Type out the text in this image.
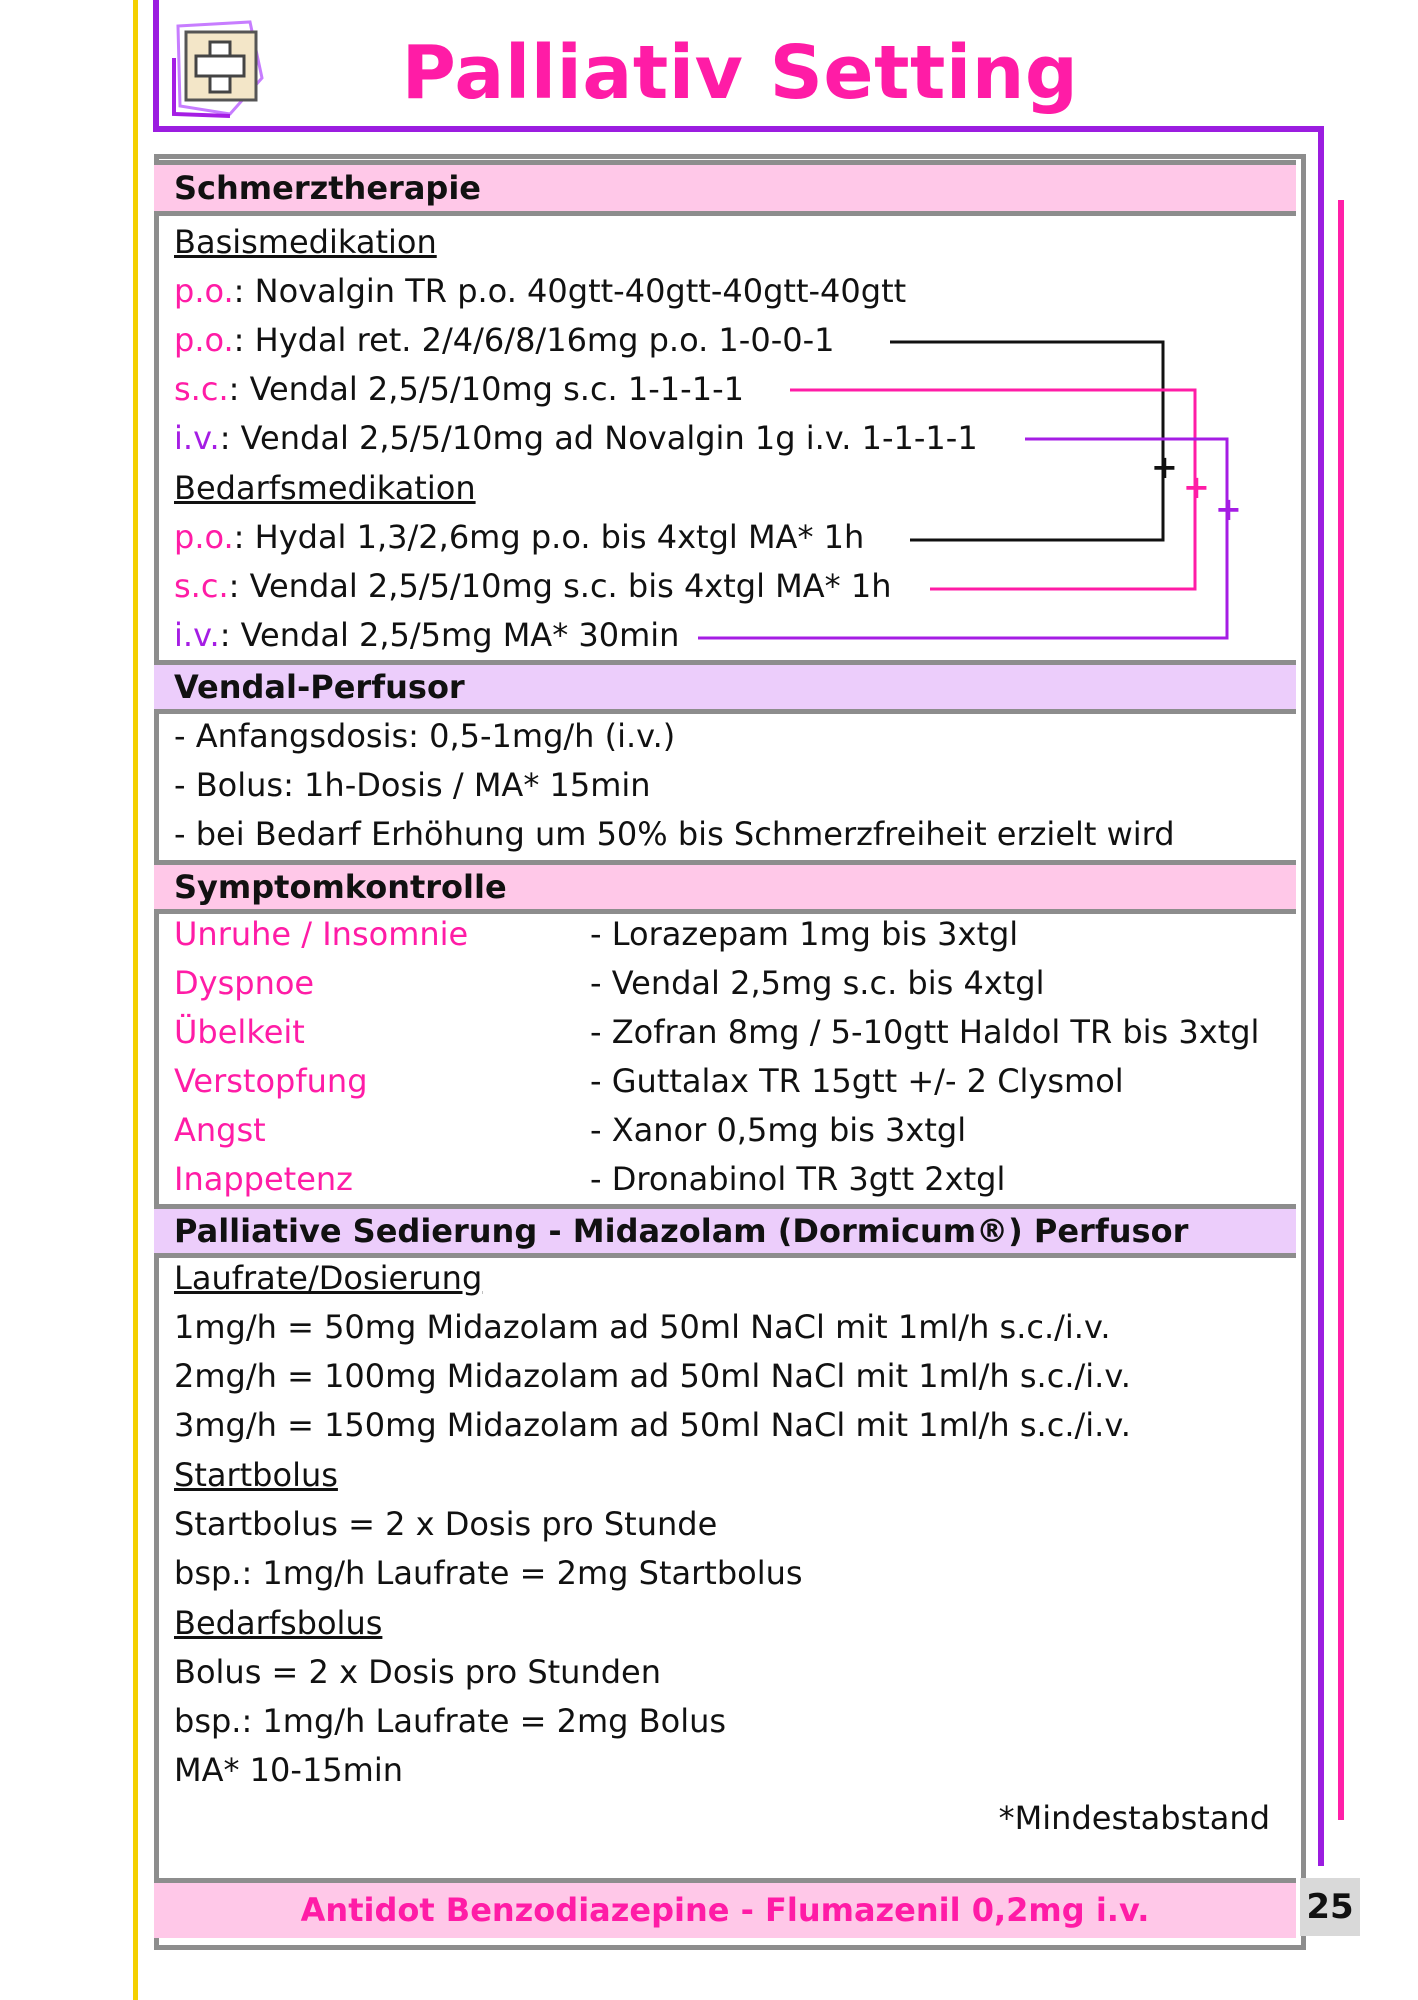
Palliativ Setting
Schmerztherapie
Basismedikation
p.o.: Novalgin TR p.o. 40gtt-40gtt-40gtt-40gtt
p.o.: Hydal ret. 2/4/6/8/16mg p.o. 1-0-0-1
s.c.: Vendal 2,5/5/10mg s.c. 1-1-1-1
i.v.: Vendal 2,5/5/10mg ad Novalgin 1g i.v. 1-1-1-1
Bedarfsmedikation
p.o.: Hydal 1,3/2,6mg p.o. bis 4xtgl MA* 1h
s.c.: Vendal 2,5/5/10mg s.c. bis 4xtgl MA* 1h
i.v.: Vendal 2,5/5mg MA* 30min
+
+
+
Vendal-Perfusor
- Anfangsdosis: 0,5-1mg/h (i.v.)
- Bolus: 1h-Dosis / MA* 15min
- bei Bedarf Erhöhung um 50% bis Schmerzfreiheit erzielt wird
Symptomkontrolle
Unruhe / Insomnie	- Lorazepam 1mg bis 3xtgl
Dyspnoe	- Vendal 2,5mg s.c. bis 4xtgl
Übelkeit	- Zofran 8mg / 5-10gtt Haldol TR bis 3xtgl
Verstopfung	- Guttalax TR 15gtt +/- 2 Clysmol
Angst	- Xanor 0,5mg bis 3xtgl
Inappetenz	- Dronabinol TR 3gtt 2xtgl
Palliative Sedierung - Midazolam (Dormicum®) Perfusor
Laufrate/Dosierung
1mg/h = 50mg Midazolam ad 50ml NaCl mit 1ml/h s.c./i.v.
2mg/h = 100mg Midazolam ad 50ml NaCl mit 1ml/h s.c./i.v.
3mg/h = 150mg Midazolam ad 50ml NaCl mit 1ml/h s.c./i.v.
Startbolus
Startbolus = 2 x Dosis pro Stunde
bsp.: 1mg/h Laufrate = 2mg Startbolus
Bedarfsbolus
Bolus = 2 x Dosis pro Stunden
bsp.: 1mg/h Laufrate = 2mg Bolus
MA* 10-15min
*Mindestabstand
Antidot Benzodiazepine - Flumazenil 0,2mg i.v.	25
